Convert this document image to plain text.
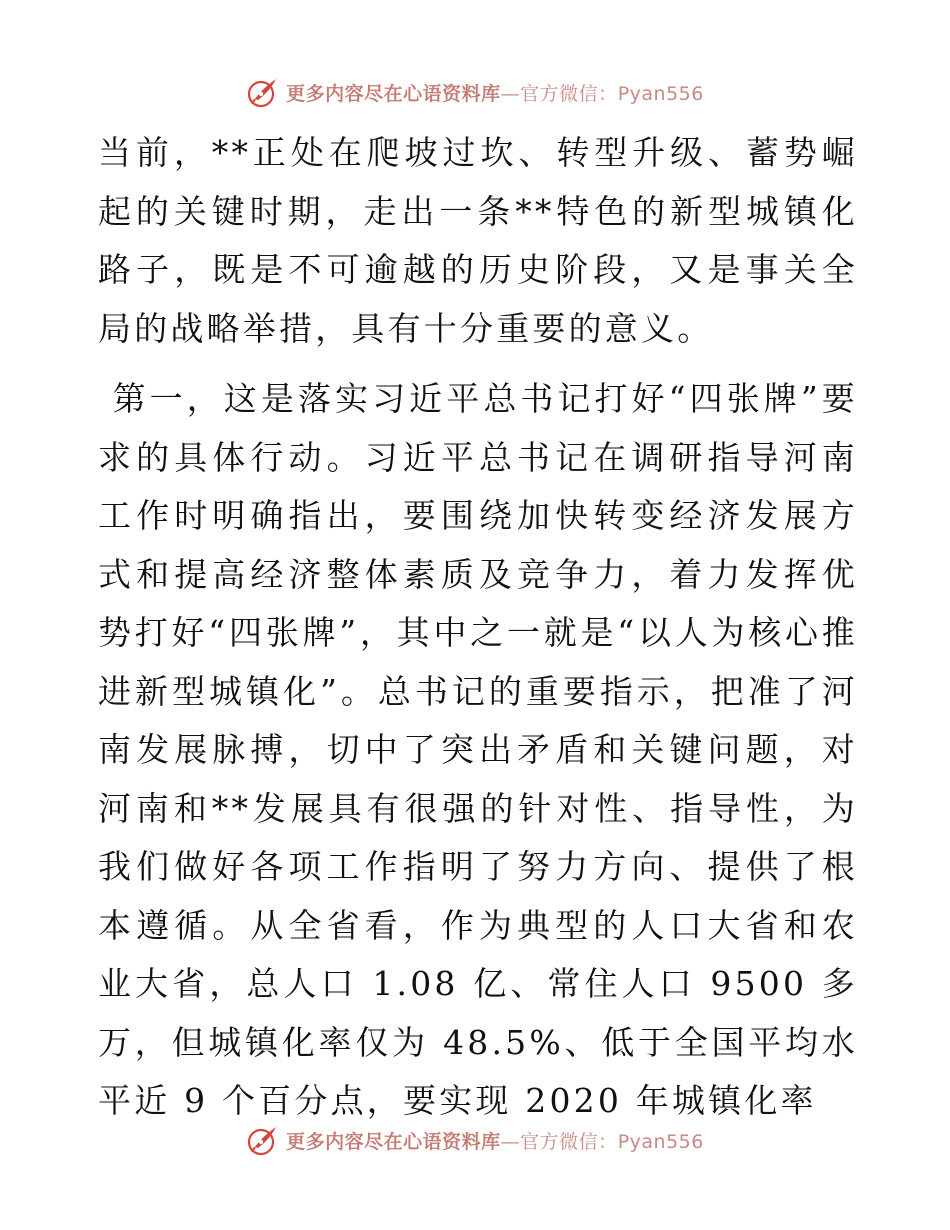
更多内容尽在心语资料库—官方微信：Pyan556

当前，**正处在爬坡过坎、转型升级、蓄势崛起的关键时期，走出一条**特色的新型城镇化路子，既是不可逾越的历史阶段，又是事关全局的战略举措，具有十分重要的意义。

第一，这是落实习近平总书记打好“四张牌”要求的具体行动。习近平总书记在调研指导河南工作时明确指出，要围绕加快转变经济发展方式和提高经济整体素质及竞争力，着力发挥优势打好“四张牌”，其中之一就是“以人为核心推进新型城镇化”。总书记的重要指示，把准了河南发展脉搏，切中了突出矛盾和关键问题，对河南和**发展具有很强的针对性、指导性，为我们做好各项工作指明了努力方向、提供了根本遵循。从全省看，作为典型的人口大省和农业大省，总人口 1.08 亿、常住人口 9500 多万，但城镇化率仅为 48.5%、低于全国平均水平近 9 个百分点，要实现 2020 年城镇化率

更多内容尽在心语资料库—官方微信：Pyan556
